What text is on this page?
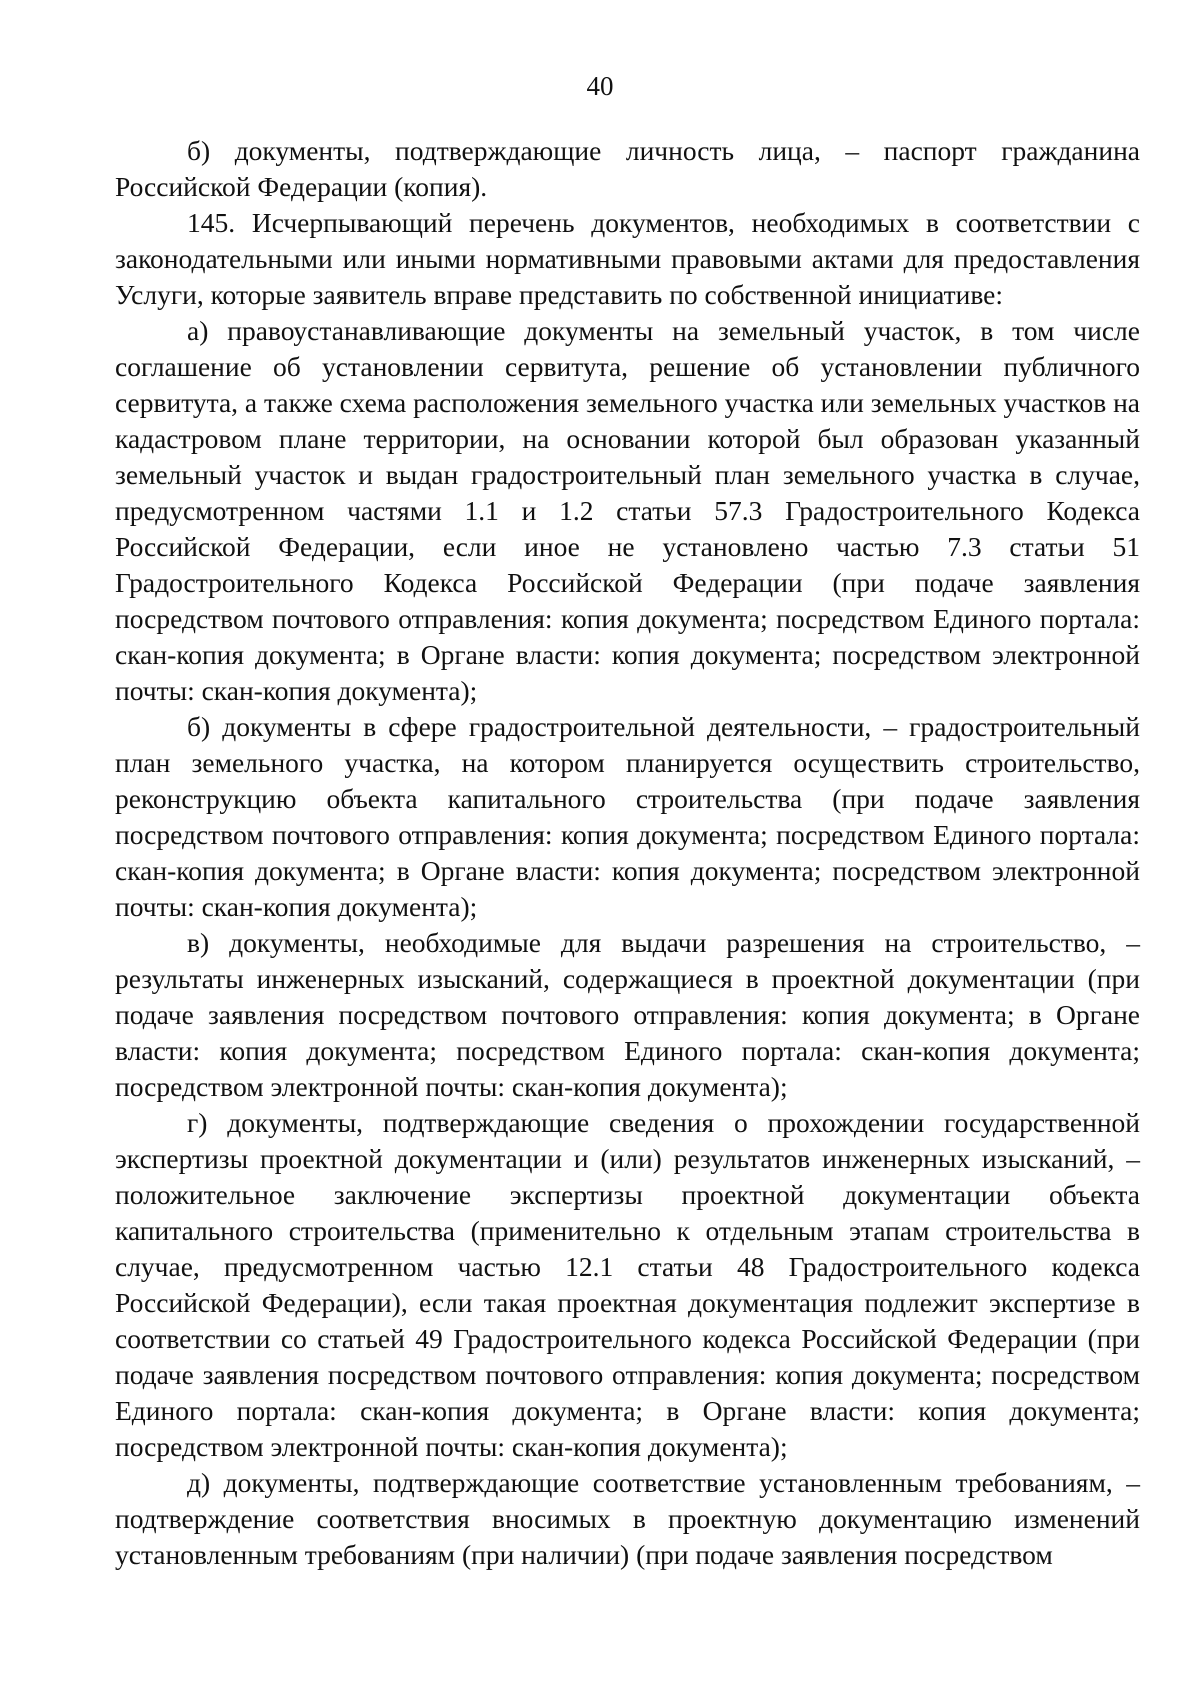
40

б) документы, подтверждающие личность лица, – паспорт гражданина Российской Федерации (копия).

145. Исчерпывающий перечень документов, необходимых в соответствии с законодательными или иными нормативными правовыми актами для предоставления Услуги, которые заявитель вправе представить по собственной инициативе:

а) правоустанавливающие документы на земельный участок, в том числе соглашение об установлении сервитута, решение об установлении публичного сервитута, а также схема расположения земельного участка или земельных участков на кадастровом плане территории, на основании которой был образован указанный земельный участок и выдан градостроительный план земельного участка в случае, предусмотренном частями 1.1 и 1.2 статьи 57.3 Градостроительного Кодекса Российской Федерации, если иное не установлено частью 7.3 статьи 51 Градостроительного Кодекса Российской Федерации (при подаче заявления посредством почтового отправления: копия документа; посредством Единого портала: скан-копия документа; в Органе власти: копия документа; посредством электронной почты: скан-копия документа);

б) документы в сфере градостроительной деятельности, – градостроительный план земельного участка, на котором планируется осуществить строительство, реконструкцию объекта капитального строительства (при подаче заявления посредством почтового отправления: копия документа; посредством Единого портала: скан-копия документа; в Органе власти: копия документа; посредством электронной почты: скан-копия документа);

в) документы, необходимые для выдачи разрешения на строительство, – результаты инженерных изысканий, содержащиеся в проектной документации (при подаче заявления посредством почтового отправления: копия документа; в Органе власти: копия документа; посредством Единого портала: скан-копия документа; посредством электронной почты: скан-копия документа);

г) документы, подтверждающие сведения о прохождении государственной экспертизы проектной документации и (или) результатов инженерных изысканий, – положительное заключение экспертизы проектной документации объекта капитального строительства (применительно к отдельным этапам строительства в случае, предусмотренном частью 12.1 статьи 48 Градостроительного кодекса Российской Федерации), если такая проектная документация подлежит экспертизе в соответствии со статьей 49 Градостроительного кодекса Российской Федерации (при подаче заявления посредством почтового отправления: копия документа; посредством Единого портала: скан-копия документа; в Органе власти: копия документа; посредством электронной почты: скан-копия документа);

д) документы, подтверждающие соответствие установленным требованиям, – подтверждение соответствия вносимых в проектную документацию изменений установленным требованиям (при наличии) (при подаче заявления посредством
